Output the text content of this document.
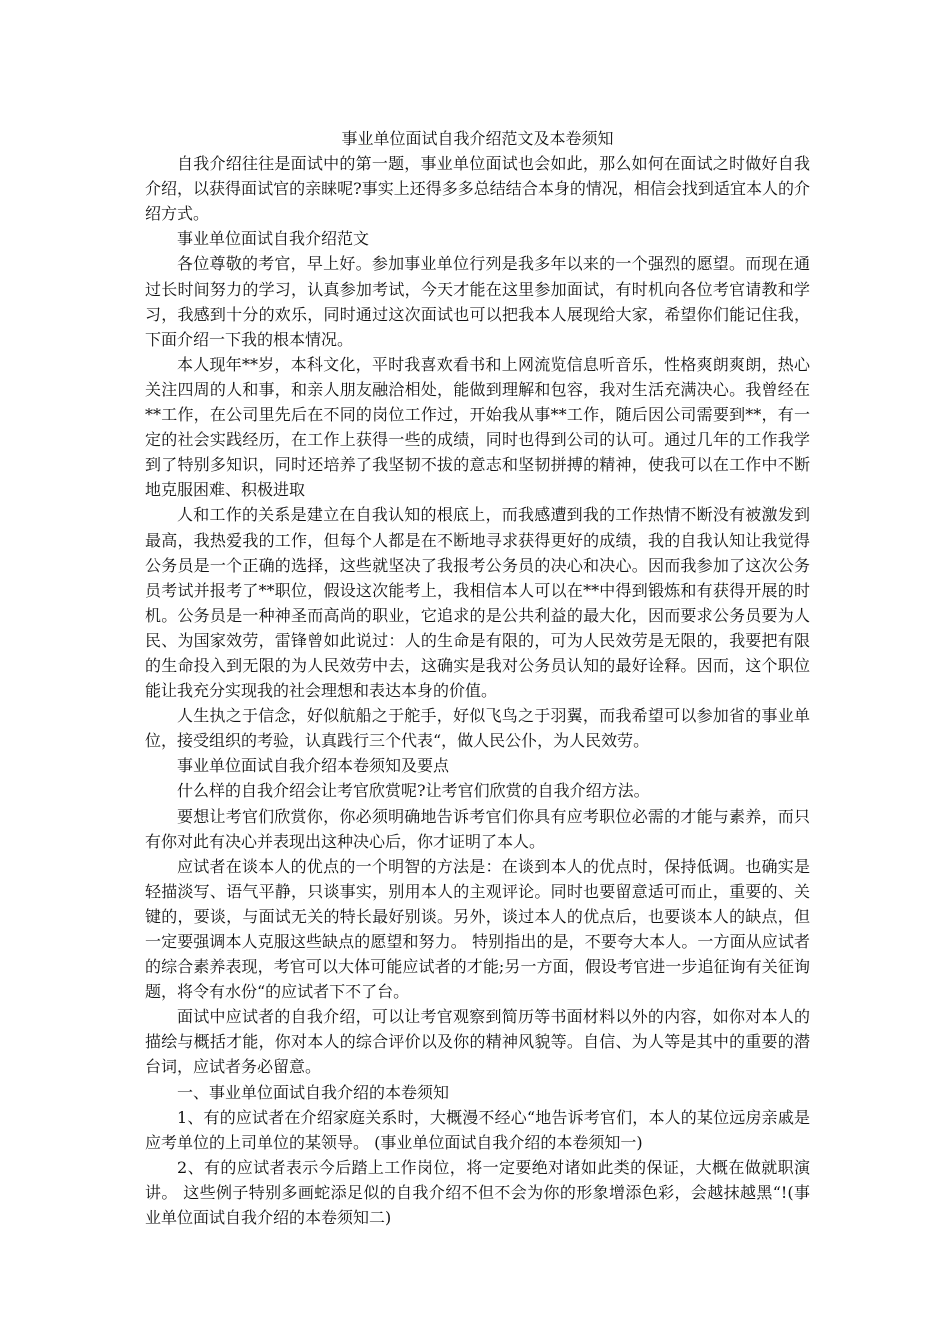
事业单位面试自我介绍范文及本卷须知

自我介绍往往是面试中的第一题，事业单位面试也会如此，那么如何在面试之时做好自我介绍，以获得面试官的亲睐呢?事实上还得多多总结结合本身的情况，相信会找到适宜本人的介绍方式。

事业单位面试自我介绍范文

各位尊敬的考官，早上好。参加事业单位行列是我多年以来的一个强烈的愿望。而现在通过长时间努力的学习，认真参加考试，今天才能在这里参加面试，有时机向各位考官请教和学习，我感到十分的欢乐，同时通过这次面试也可以把我本人展现给大家，希望你们能记住我，下面介绍一下我的根本情况。

本人现年**岁，本科文化，平时我喜欢看书和上网流览信息听音乐，性格爽朗爽朗，热心关注四周的人和事，和亲人朋友融洽相处，能做到理解和包容，我对生活充满决心。我曾经在**工作，在公司里先后在不同的岗位工作过，开始我从事**工作，随后因公司需要到**，有一定的社会实践经历，在工作上获得一些的成绩，同时也得到公司的认可。通过几年的工作我学到了特别多知识，同时还培养了我坚韧不拔的意志和坚韧拼搏的精神，使我可以在工作中不断地克服困难、积极进取

人和工作的关系是建立在自我认知的根底上，而我感遭到我的工作热情不断没有被激发到最高，我热爱我的工作，但每个人都是在不断地寻求获得更好的成绩，我的自我认知让我觉得公务员是一个正确的选择，这些就坚决了我报考公务员的决心和决心。因而我参加了这次公务员考试并报考了**职位，假设这次能考上，我相信本人可以在**中得到锻炼和有获得开展的时机。公务员是一种神圣而高尚的职业，它追求的是公共利益的最大化，因而要求公务员要为人民、为国家效劳，雷锋曾如此说过：人的生命是有限的，可为人民效劳是无限的，我要把有限的生命投入到无限的为人民效劳中去，这确实是我对公务员认知的最好诠释。因而，这个职位能让我充分实现我的社会理想和表达本身的价值。

人生执之于信念，好似航船之于舵手，好似飞鸟之于羽翼，而我希望可以参加省的事业单位，接受组织的考验，认真践行三个代表“，做人民公仆，为人民效劳。

事业单位面试自我介绍本卷须知及要点

什么样的自我介绍会让考官欣赏呢?让考官们欣赏的自我介绍方法。

要想让考官们欣赏你，你必须明确地告诉考官们你具有应考职位必需的才能与素养，而只有你对此有决心并表现出这种决心后，你才证明了本人。

应试者在谈本人的优点的一个明智的方法是：在谈到本人的优点时，保持低调。也确实是轻描淡写、语气平静，只谈事实，别用本人的主观评论。同时也要留意适可而止，重要的、关键的，要谈，与面试无关的特长最好别谈。另外，谈过本人的优点后，也要谈本人的缺点，但一定要强调本人克服这些缺点的愿望和努力。 特别指出的是，不要夸大本人。一方面从应试者的综合素养表现，考官可以大体可能应试者的才能;另一方面，假设考官进一步追征询有关征询题，将令有水份“的应试者下不了台。

面试中应试者的自我介绍，可以让考官观察到简历等书面材料以外的内容，如你对本人的描绘与概括才能，你对本人的综合评价以及你的精神风貌等。自信、为人等是其中的重要的潜台词，应试者务必留意。

一、事业单位面试自我介绍的本卷须知

1、有的应试者在介绍家庭关系时，大概漫不经心“地告诉考官们，本人的某位远房亲戚是应考单位的上司单位的某领导。 (事业单位面试自我介绍的本卷须知一)

2、有的应试者表示今后踏上工作岗位，将一定要绝对诸如此类的保证，大概在做就职演讲。 这些例子特别多画蛇添足似的自我介绍不但不会为你的形象增添色彩，会越抹越黑“!(事业单位面试自我介绍的本卷须知二)
